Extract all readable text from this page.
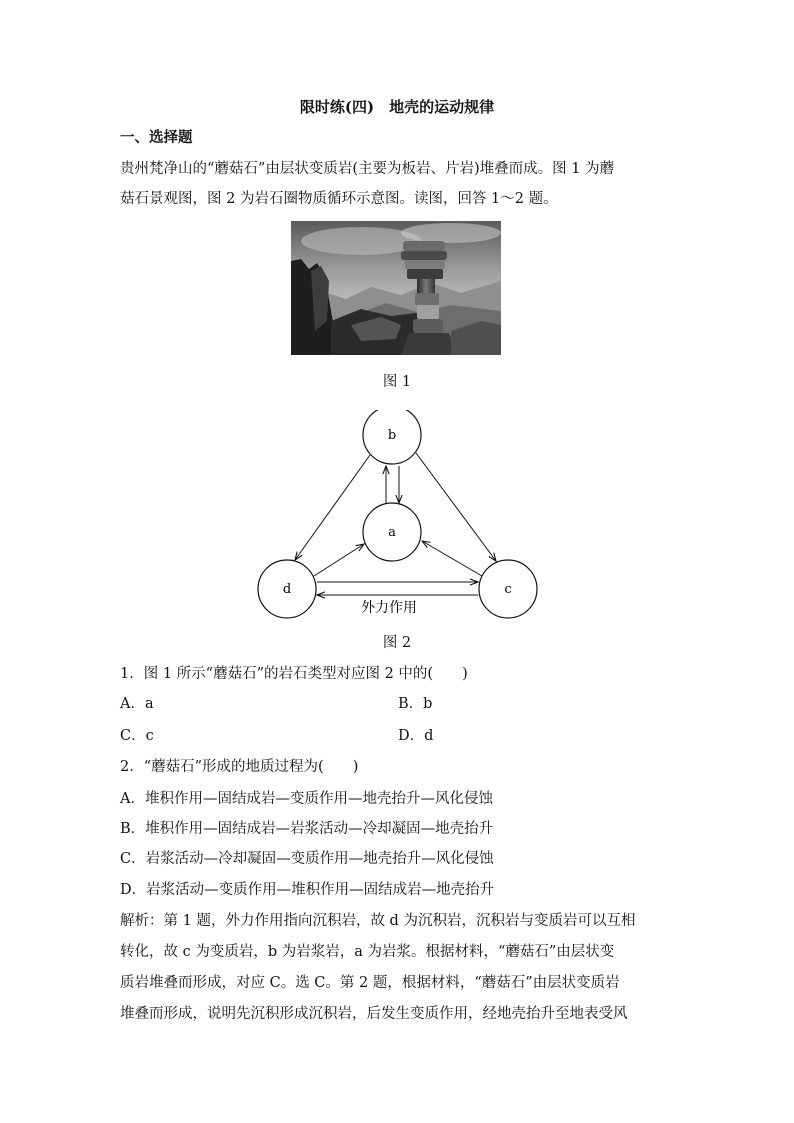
限时练(四)　地壳的运动规律
一、选择题
贵州梵净山的“蘑菇石”由层状变质岩(主要为板岩、片岩)堆叠而成。图 1 为蘑
菇石景观图，图 2 为岩石圈物质循环示意图。读图，回答 1～2 题。
图 1
b
a
d	c
外力作用
图 2
1．图 1 所示“蘑菇石”的岩石类型对应图 2 中的(　　)
A．a	B．b
C．c	D．d
2．“蘑菇石”形成的地质过程为(　　)
A．堆积作用—固结成岩—变质作用—地壳抬升—风化侵蚀
B．堆积作用—固结成岩—岩浆活动—冷却凝固—地壳抬升
C．岩浆活动—冷却凝固—变质作用—地壳抬升—风化侵蚀
D．岩浆活动—变质作用—堆积作用—固结成岩—地壳抬升
解析：第 1 题，外力作用指向沉积岩，故 d 为沉积岩，沉积岩与变质岩可以互相
转化，故 c 为变质岩，b 为岩浆岩，a 为岩浆。根据材料，“蘑菇石”由层状变
质岩堆叠而形成，对应 C。选 C。第 2 题，根据材料，“蘑菇石”由层状变质岩
堆叠而形成，说明先沉积形成沉积岩，后发生变质作用，经地壳抬升至地表受风
